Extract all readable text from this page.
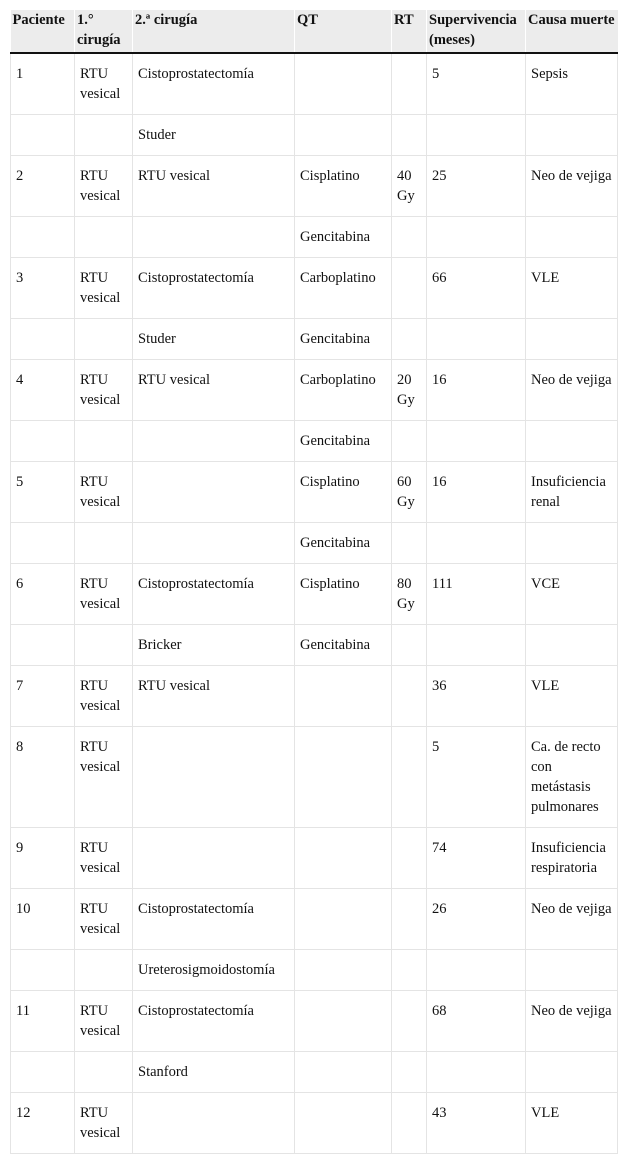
Paciente	1.° cirugía	2.ª cirugía	QT	RT	Supervivencia (meses)	Causa muerte
1	RTU vesical	Cistoprostatectomía			5	Sepsis
		Studer				
2	RTU vesical	RTU vesical	Cisplatino	40 Gy	25	Neo de vejiga
			Gencitabina			
3	RTU vesical	Cistoprostatectomía	Carboplatino		66	VLE
		Studer	Gencitabina			
4	RTU vesical	RTU vesical	Carboplatino	20 Gy	16	Neo de vejiga
			Gencitabina			
5	RTU vesical		Cisplatino	60 Gy	16	Insuficiencia renal
			Gencitabina			
6	RTU vesical	Cistoprostatectomía	Cisplatino	80 Gy	111	VCE
		Bricker	Gencitabina			
7	RTU vesical	RTU vesical			36	VLE
8	RTU vesical				5	Ca. de recto con metástasis pulmonares
9	RTU vesical				74	Insuficiencia respiratoria
10	RTU vesical	Cistoprostatectomía			26	Neo de vejiga
		Ureterosigmoidostomía				
11	RTU vesical	Cistoprostatectomía			68	Neo de vejiga
		Stanford				
12	RTU vesical				43	VLE
